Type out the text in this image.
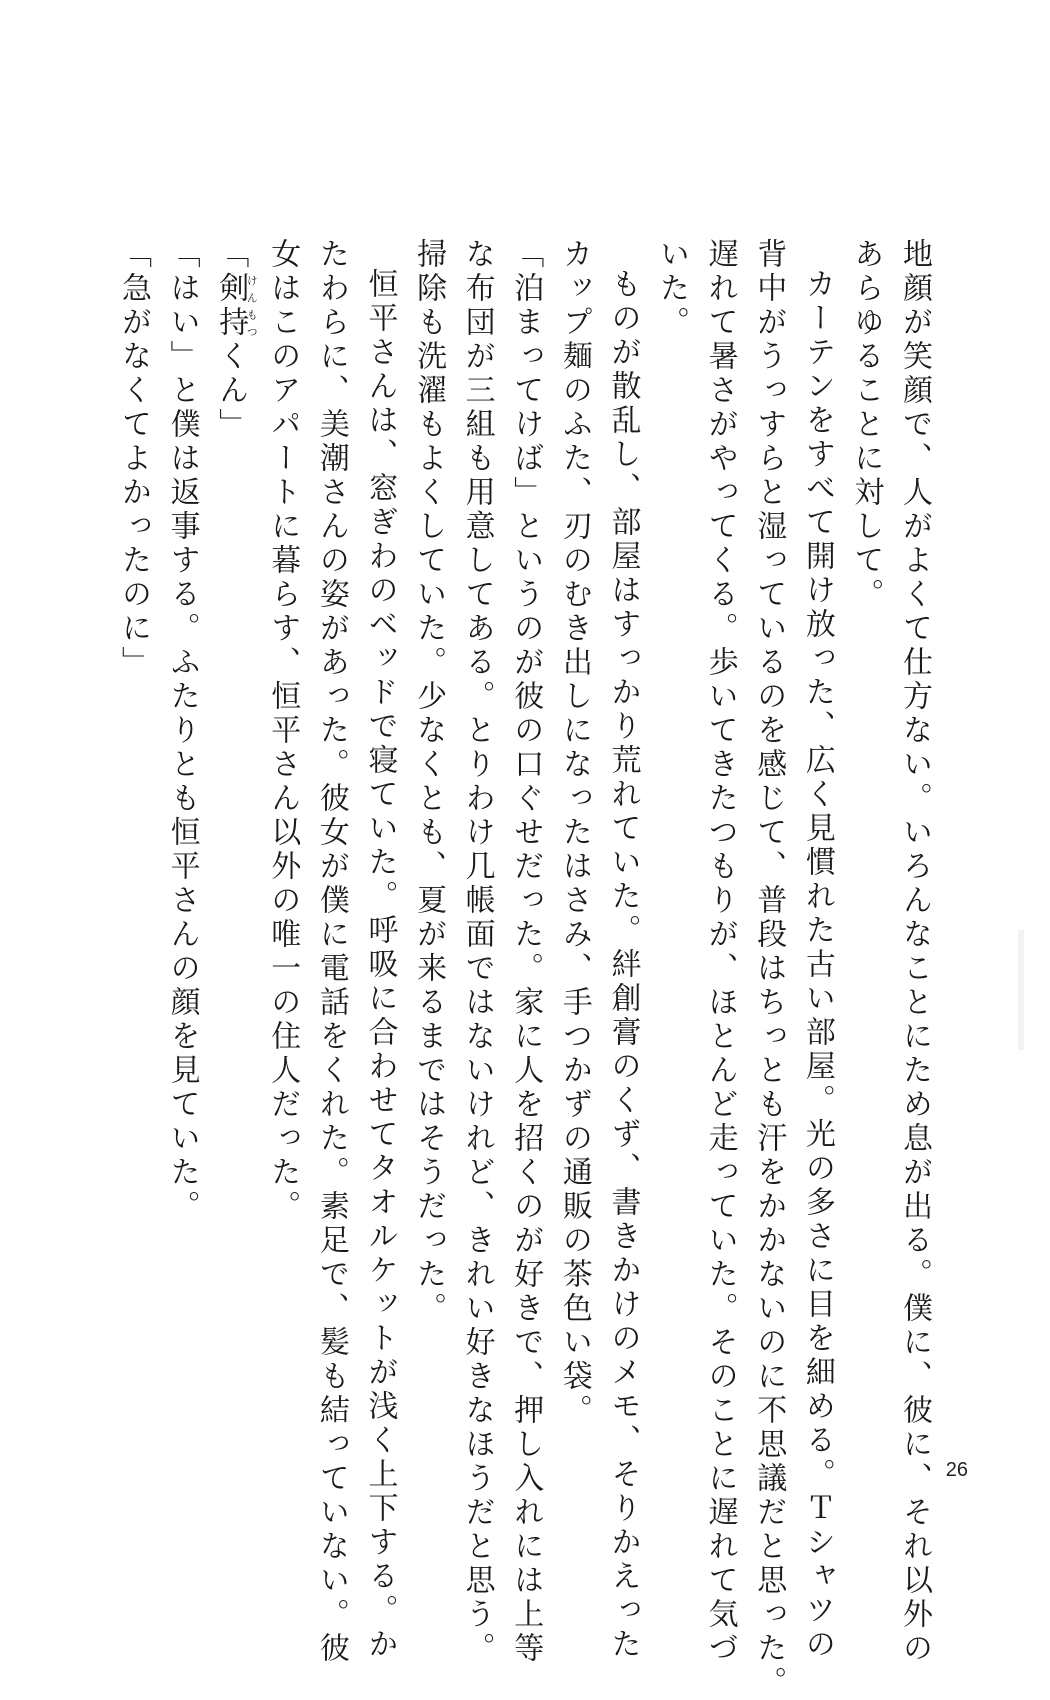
地顔が笑顔で、人がよくて仕方ない。いろんなことにため息が出る。僕に、彼に、それ以外の
あらゆることに対して。
カーテンをすべて開け放った、広く見慣れた古い部屋。光の多さに目を細める。Ｔシャツの
背中がうっすらと湿っているのを感じて、普段はちっとも汗をかかないのに不思議だと思った。
遅れて暑さがやってくる。歩いてきたつもりが、ほとんど走っていた。そのことに遅れて気づ
いた。
ものが散乱し、部屋はすっかり荒れていた。絆創膏のくず、書きかけのメモ、そりかえった
カップ麺のふた、刃のむき出しになったはさみ、手つかずの通販の茶色い袋。
「泊まってけば」というのが彼の口ぐせだった。家に人を招くのが好きで、押し入れには上等
な布団が三組も用意してある。とりわけ几帳面ではないけれど、きれい好きなほうだと思う。
掃除も洗濯もよくしていた。少なくとも、夏が来るまではそうだった。
恒平さんは、窓ぎわのベッドで寝ていた。呼吸に合わせてタオルケットが浅く上下する。か
たわらに、美潮さんの姿があった。彼女が僕に電話をくれた。素足で、髪も結っていない。彼
女はこのアパートに暮らす、恒平さん以外の唯一の住人だった。
「剣持けんもつくん」
「はい」と僕は返事する。ふたりとも恒平さんの顔を見ていた。
「急がなくてよかったのに」
26
